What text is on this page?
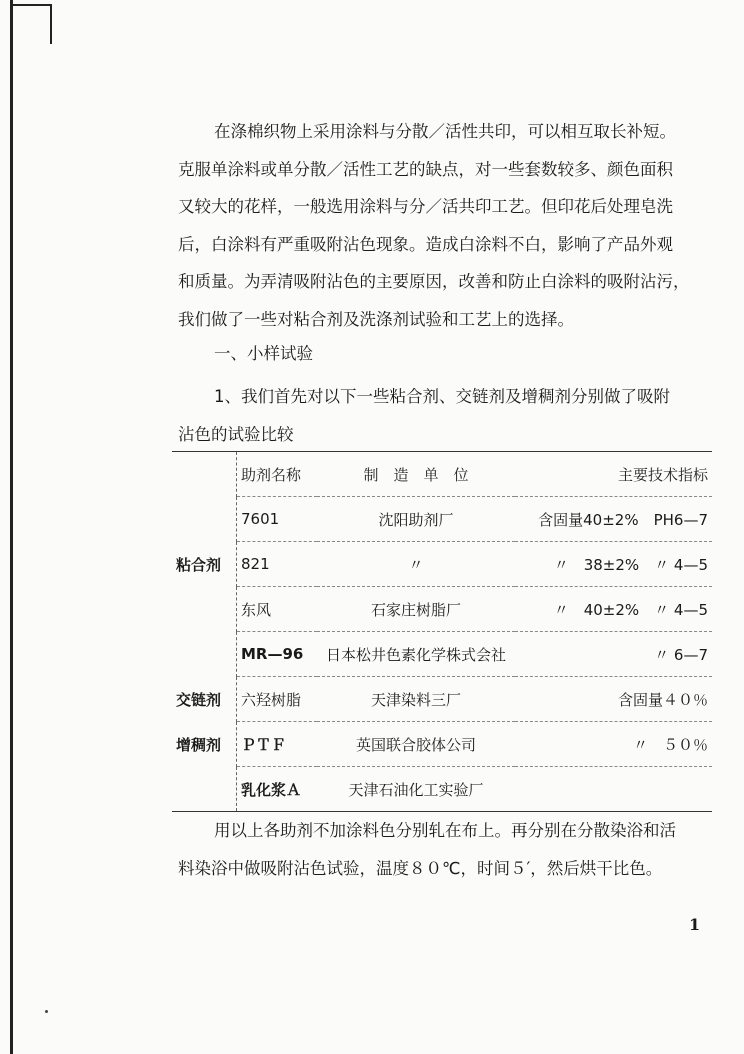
在涤棉织物上采用涂料与分散／活性共印，可以相互取长补短。
克服单涂料或单分散／活性工艺的缺点，对一些套数较多、颜色面积
又较大的花样，一般选用涂料与分／活共印工艺。但印花后处理皂洗
后，白涂料有严重吸附沾色现象。造成白涂料不白，影响了产品外观
和质量。为弄清吸附沾色的主要原因，改善和防止白涂料的吸附沾污，
我们做了一些对粘合剂及洗涤剂试验和工艺上的选择。

一、小样试验

1、我们首先对以下一些粘合剂、交链剂及增稠剂分别做了吸附
沾色的试验比较

	助剂名称	制　造　单　位	主要技术指标
	7601	沈阳助剂厂	含固量40±2%　PH6—7
粘合剂	821	〃	〃　38±2%　〃 4—5
	东风	石家庄树脂厂	〃　40±2%　〃 4—5
	MR—96	日本松井色素化学株式会社	〃 6—7
交链剂	六羟树脂	天津染料三厂	含固量４０％
增稠剂	ＰＴＦ	英国联合胶体公司	〃　５０％
	乳化浆Ａ	天津石油化工实验厂	

用以上各助剂不加涂料色分别轧在布上。再分别在分散染浴和活
料染浴中做吸附沾色试验，温度８０℃，时间５′，然后烘干比色。

1
